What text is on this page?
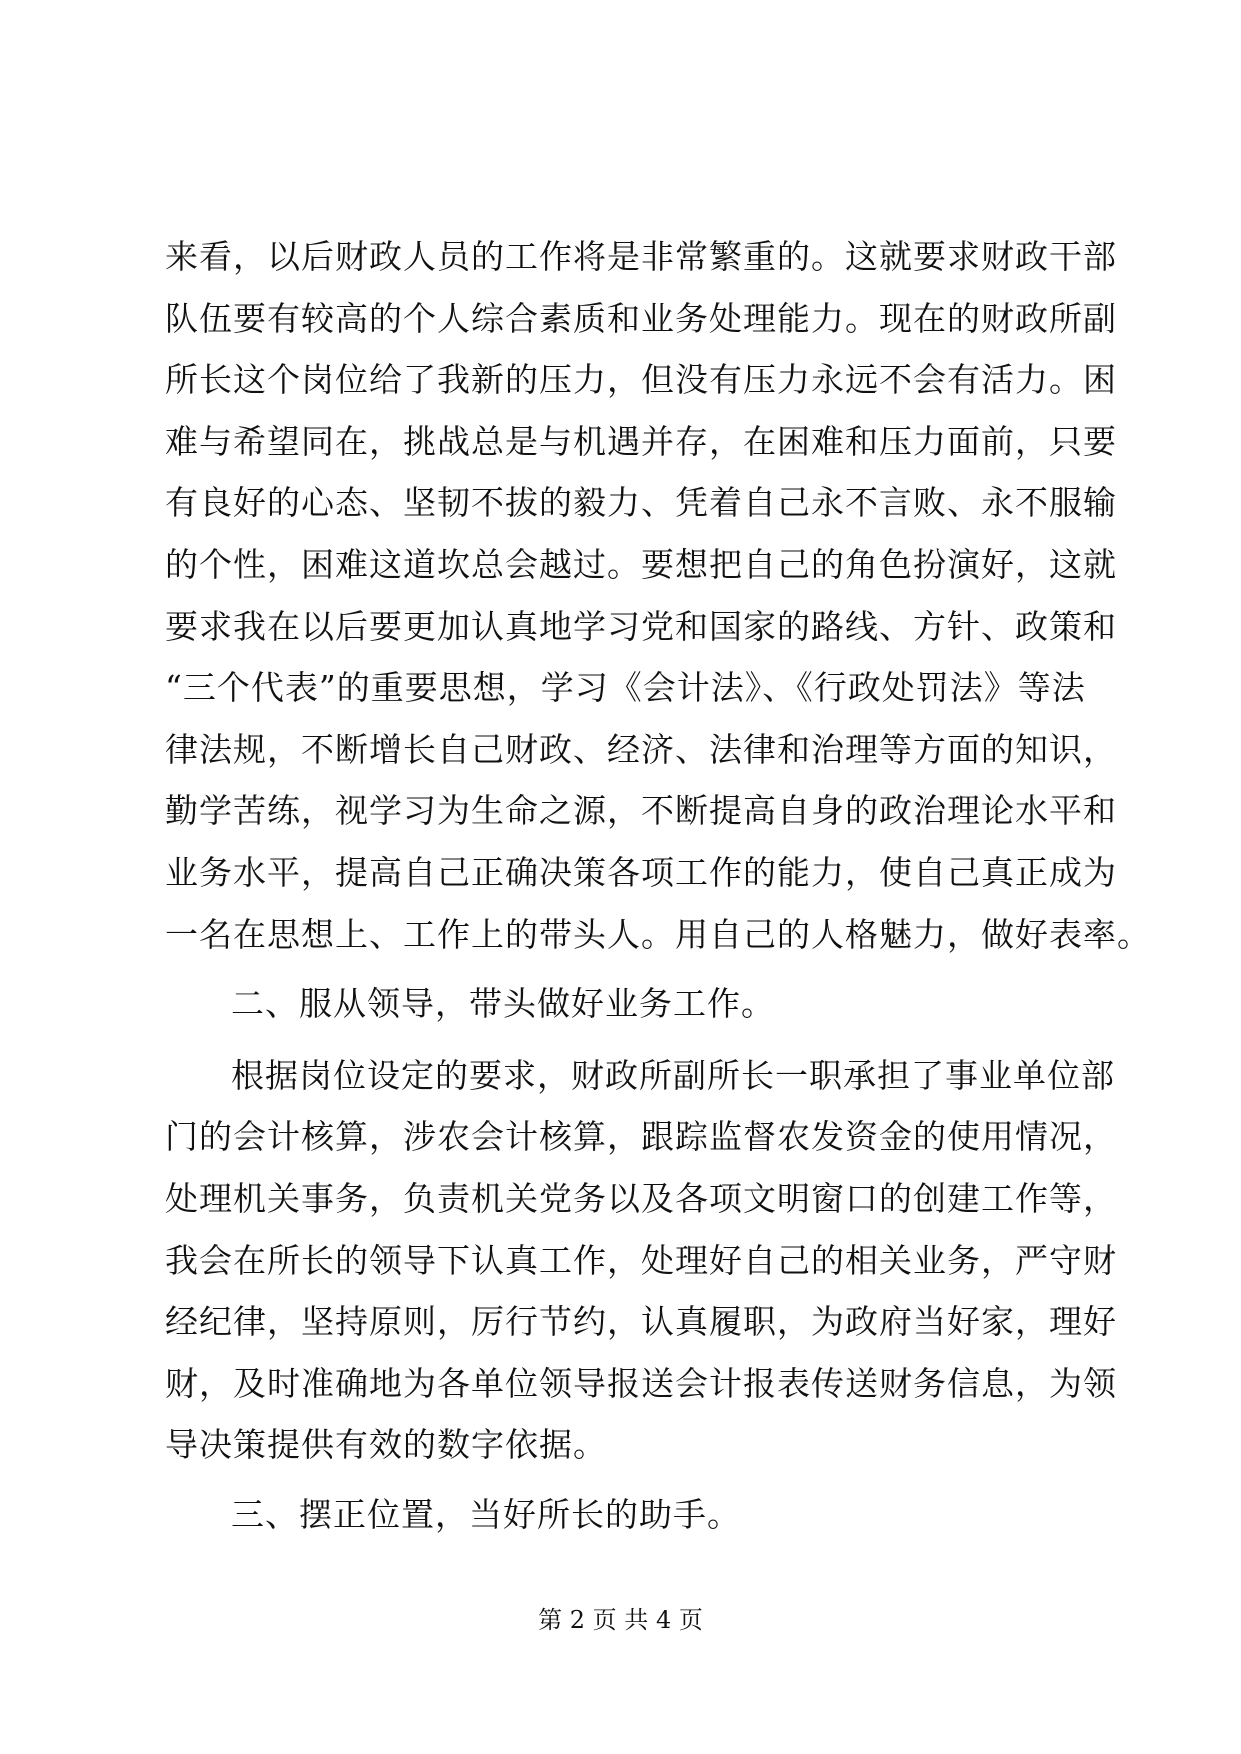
来看，以后财政人员的工作将是非常繁重的。这就要求财政干部
队伍要有较高的个人综合素质和业务处理能力。现在的财政所副
所长这个岗位给了我新的压力，但没有压力永远不会有活力。困
难与希望同在，挑战总是与机遇并存，在困难和压力面前，只要
有良好的心态、坚韧不拔的毅力、凭着自己永不言败、永不服输
的个性，困难这道坎总会越过。要想把自己的角色扮演好，这就
要求我在以后要更加认真地学习党和国家的路线、方针、政策和
“三个代表”的重要思想，学习《会计法》、《行政处罚法》等法
律法规，不断增长自己财政、经济、法律和治理等方面的知识，
勤学苦练，视学习为生命之源，不断提高自身的政治理论水平和
业务水平，提高自己正确决策各项工作的能力，使自己真正成为
一名在思想上、工作上的带头人。用自己的人格魅力，做好表率。
二、服从领导，带头做好业务工作。
根据岗位设定的要求，财政所副所长一职承担了事业单位部
门的会计核算，涉农会计核算，跟踪监督农发资金的使用情况，
处理机关事务，负责机关党务以及各项文明窗口的创建工作等，
我会在所长的领导下认真工作，处理好自己的相关业务，严守财
经纪律，坚持原则，厉行节约，认真履职，为政府当好家，理好
财，及时准确地为各单位领导报送会计报表传送财务信息，为领
导决策提供有效的数字依据。
三、摆正位置，当好所长的助手。
第 2 页 共 4 页
